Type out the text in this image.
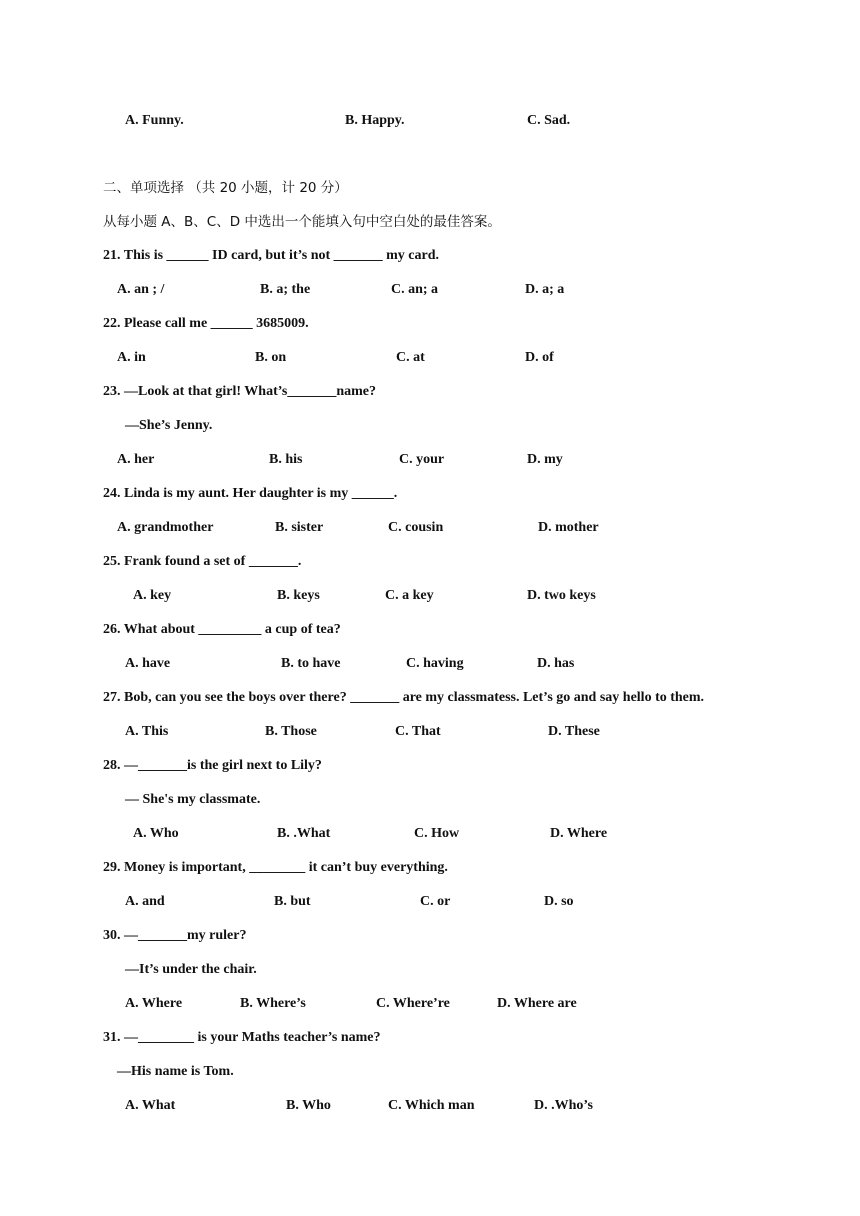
A. Funny.	B. Happy.	C. Sad.
二、单项选择 （共 20 小题，计 20 分）
从每小题 A、B、C、D 中选出一个能填入句中空白处的最佳答案。
21. This is ______ ID card, but it’s not _______ my card.
A. an ; /	B. a; the	C. an; a	D. a; a
22. Please call me ______ 3685009.
A. in	B. on	C. at	D. of
23. —Look at that girl! What’s_______name?
—She’s Jenny.
A. her	B. his	C. your	D. my
24. Linda is my aunt. Her daughter is my ______.
A. grandmother	B. sister	C. cousin	D. mother
25. Frank found a set of _______.
A. key	B. keys	C. a key	D. two keys
26. What about _________ a cup of tea?
A. have	B. to have	C. having	D. has
27. Bob, can you see the boys over there? _______ are my classmatess. Let’s go and say hello to them.
A. This	B. Those	C. That	D. These
28. —_______is the girl next to Lily?
— She's my classmate.
A. Who	B. .What	C. How	D. Where
29. Money is important, ________ it can’t buy everything.
A. and	B. but	C. or	D. so
30. —_______my ruler?
—It’s under the chair.
A. Where	B. Where’s	C. Where’re	D. Where are
31. —________ is your Maths teacher’s name?
—His name is Tom.
A. What	B. Who	C. Which man	D. .Who’s
